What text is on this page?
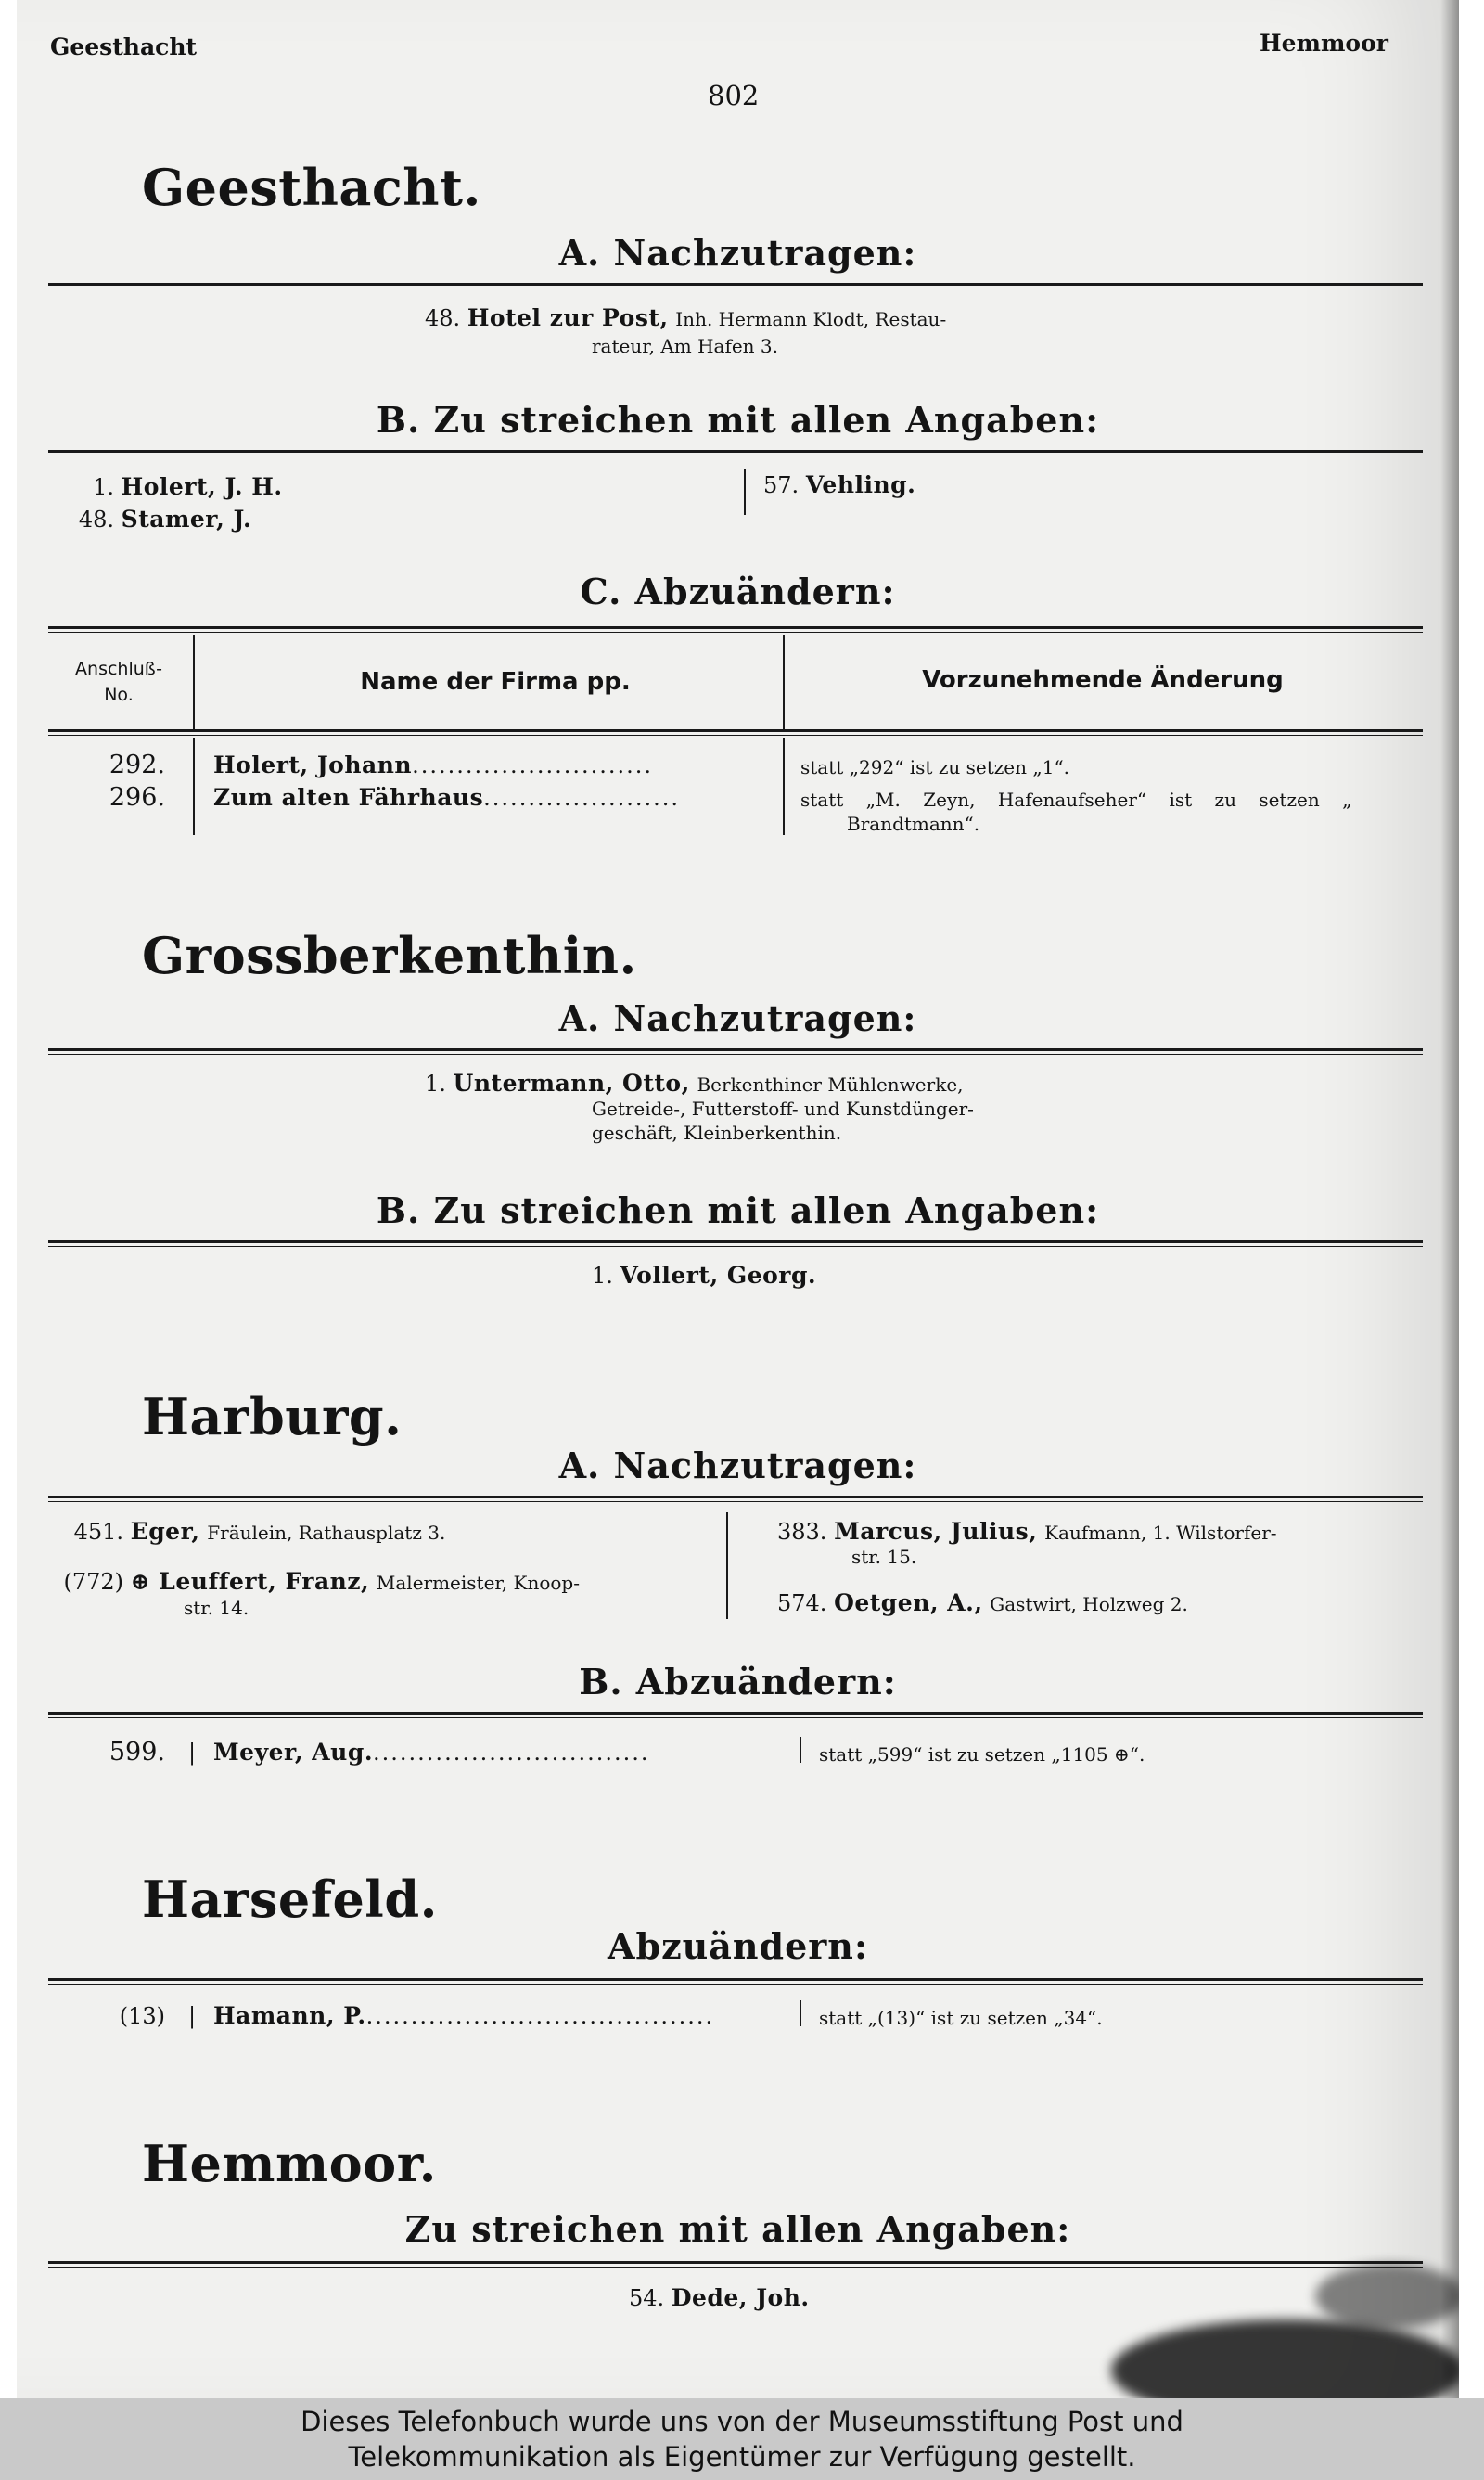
Geesthacht	Hemmoor
802
Geesthacht.
A. Nachzutragen:
48. Hotel zur Post, Inh. Hermann Klodt, Restau-
rateur, Am Hafen 3.
B. Zu streichen mit allen Angaben:
1. Holert, J. H.
48. Stamer, J.
57. Vehling.
C. Abzuändern:
Anschluß-
No.	Name der Firma pp.	Vorzunehmende Änderung
292. Holert, Johann...........................	statt „292“ ist zu setzen „1“.
296. Zum alten Fährhaus......................	statt „M. Zeyn, Hafenaufseher“ ist zu setzen „
Brandtmann“.
Grossberkenthin.
A. Nachzutragen:
1. Untermann, Otto, Berkenthiner Mühlenwerke,
Getreide-, Futterstoff- und Kunstdünger-
geschäft, Kleinberkenthin.
B. Zu streichen mit allen Angaben:
1. Vollert, Georg.
Harburg.
A. Nachzutragen:
451. Eger, Fräulein, Rathausplatz 3.
(772) ⊕ Leuffert, Franz, Malermeister, Knoop-
str. 14.
383. Marcus, Julius, Kaufmann, 1. Wilstorfer-
str. 15.
574. Oetgen, A., Gastwirt, Holzweg 2.
B. Abzuändern:
599. | Meyer, Aug................................	statt „599“ ist zu setzen „1105 ⊕“.
Harsefeld.
Abzuändern:
(13) | Hamann, P........................................	statt „(13)“ ist zu setzen „34“.
Hemmoor.
Zu streichen mit allen Angaben:
54. Dede, Joh.
Dieses Telefonbuch wurde uns von der Museumsstiftung Post und
Telekommunikation als Eigentümer zur Verfügung gestellt.
